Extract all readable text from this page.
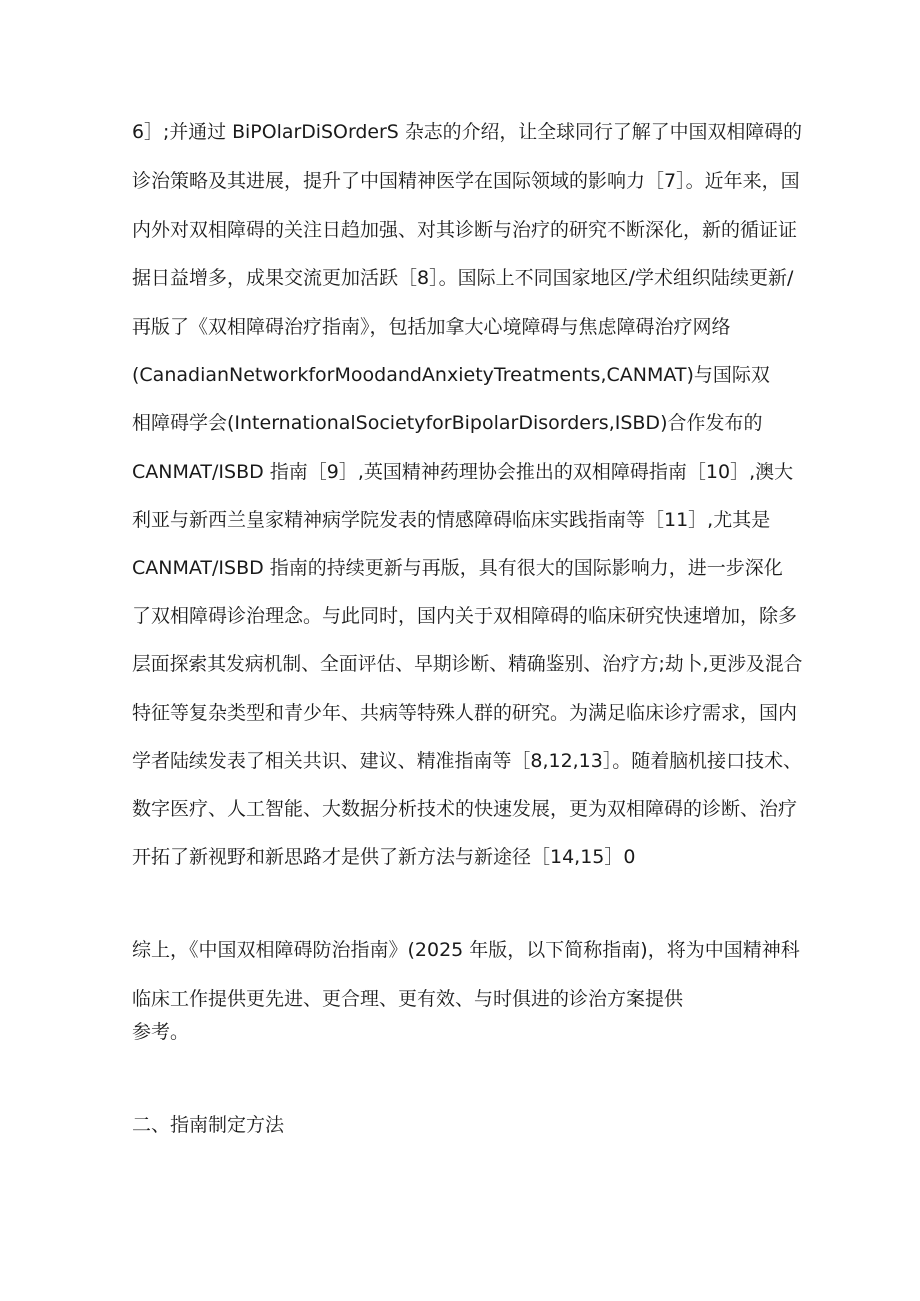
6］;并通过 BiPOlarDiSOrderS 杂志的介绍，让全球同行了解了中国双相障碍的
诊治策略及其进展，提升了中国精神医学在国际领域的影响力［7］。近年来，国
内外对双相障碍的关注日趋加强、对其诊断与治疗的研究不断深化，新的循证证
据日益增多，成果交流更加活跃［8］。国际上不同国家地区/学术组织陆续更新/
再版了《双相障碍治疗指南》，包括加拿大心境障碍与焦虑障碍治疗网络
(CanadianNetworkforMoodandAnxietyTreatments,CANMAT)与国际双
相障碍学会(InternationalSocietyforBipolarDisorders,ISBD)合作发布的
CANMAT/ISBD 指南［9］,英国精神药理协会推出的双相障碍指南［10］,澳大
利亚与新西兰皇家精神病学院发表的情感障碍临床实践指南等［11］,尤其是
CANMAT/ISBD 指南的持续更新与再版，具有很大的国际影响力，进一步深化
了双相障碍诊治理念。与此同时，国内关于双相障碍的临床研究快速增加，除多
层面探索其发病机制、全面评估、早期诊断、精确鉴别、治疗方;劫卜,更涉及混合
特征等复杂类型和青少年、共病等特殊人群的研究。为满足临床诊疗需求，国内
学者陆续发表了相关共识、建议、精准指南等［8,12,13］。随着脑机接口技术、
数字医疗、人工智能、大数据分析技术的快速发展，更为双相障碍的诊断、治疗
开拓了新视野和新思路才是供了新方法与新途径［14,15］0
综上，《中国双相障碍防治指南》(2025 年版，以下简称指南)，将为中国精神科
临床工作提供更先进、更合理、更有效、与时俱进的诊治方案提供
参考。
二、指南制定方法
